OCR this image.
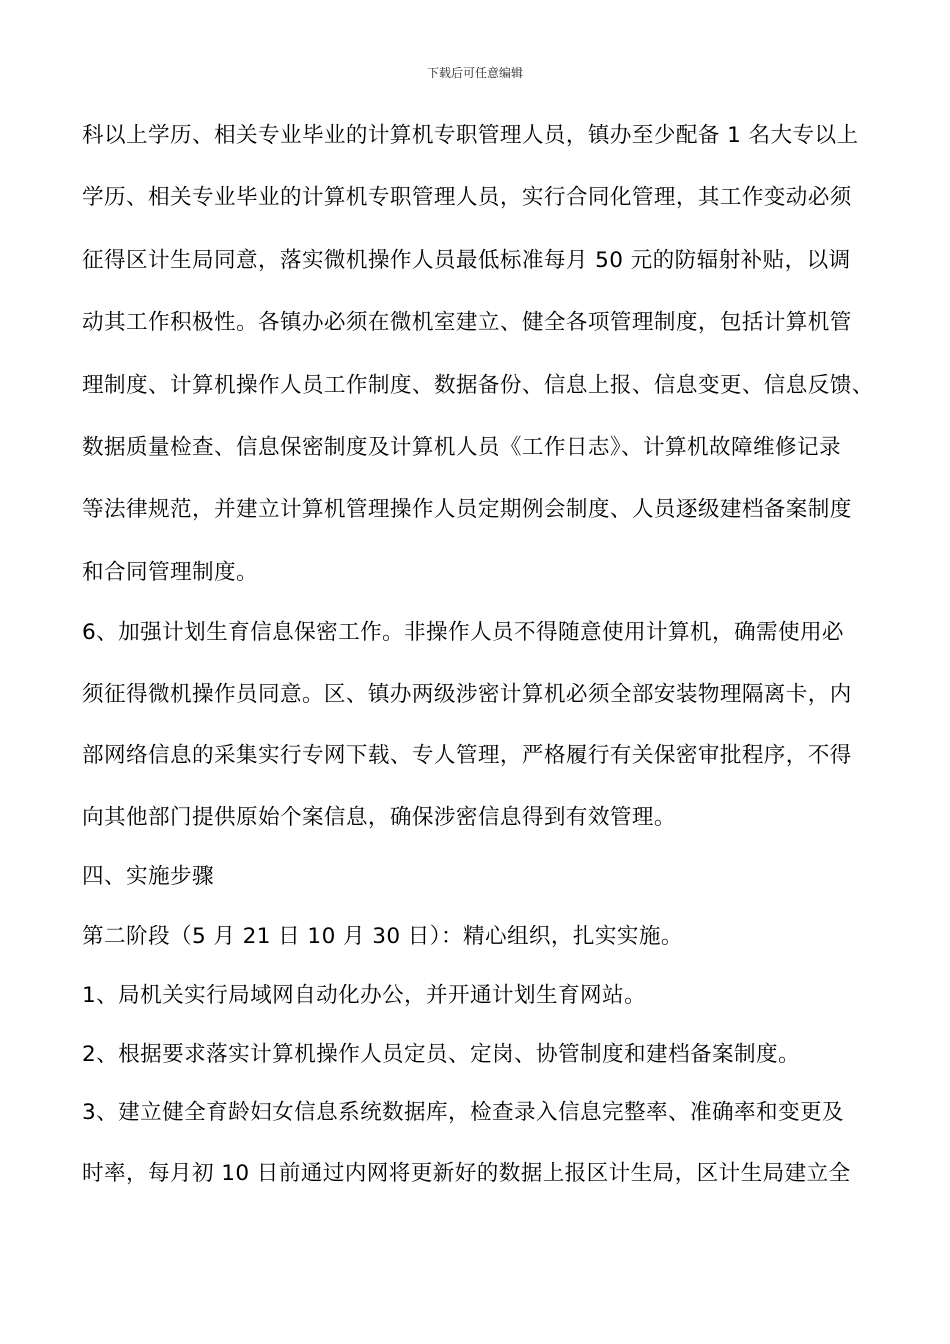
下载后可任意编辑
科以上学历、相关专业毕业的计算机专职管理人员，镇办至少配备 1 名大专以上
学历、相关专业毕业的计算机专职管理人员，实行合同化管理，其工作变动必须
征得区计生局同意，落实微机操作人员最低标准每月 50 元的防辐射补贴，以调
动其工作积极性。各镇办必须在微机室建立、健全各项管理制度，包括计算机管
理制度、计算机操作人员工作制度、数据备份、信息上报、信息变更、信息反馈、
数据质量检查、信息保密制度及计算机人员《工作日志》、计算机故障维修记录
等法律规范，并建立计算机管理操作人员定期例会制度、人员逐级建档备案制度
和合同管理制度。
6、加强计划生育信息保密工作。非操作人员不得随意使用计算机，确需使用必
须征得微机操作员同意。区、镇办两级涉密计算机必须全部安装物理隔离卡，内
部网络信息的采集实行专网下载、专人管理，严格履行有关保密审批程序，不得
向其他部门提供原始个案信息，确保涉密信息得到有效管理。
四、实施步骤
第二阶段（5 月 21 日 10 月 30 日）：精心组织，扎实实施。
1、局机关实行局域网自动化办公，并开通计划生育网站。
2、根据要求落实计算机操作人员定员、定岗、协管制度和建档备案制度。
3、建立健全育龄妇女信息系统数据库，检查录入信息完整率、准确率和变更及
时率，每月初 10 日前通过内网将更新好的数据上报区计生局，区计生局建立全
